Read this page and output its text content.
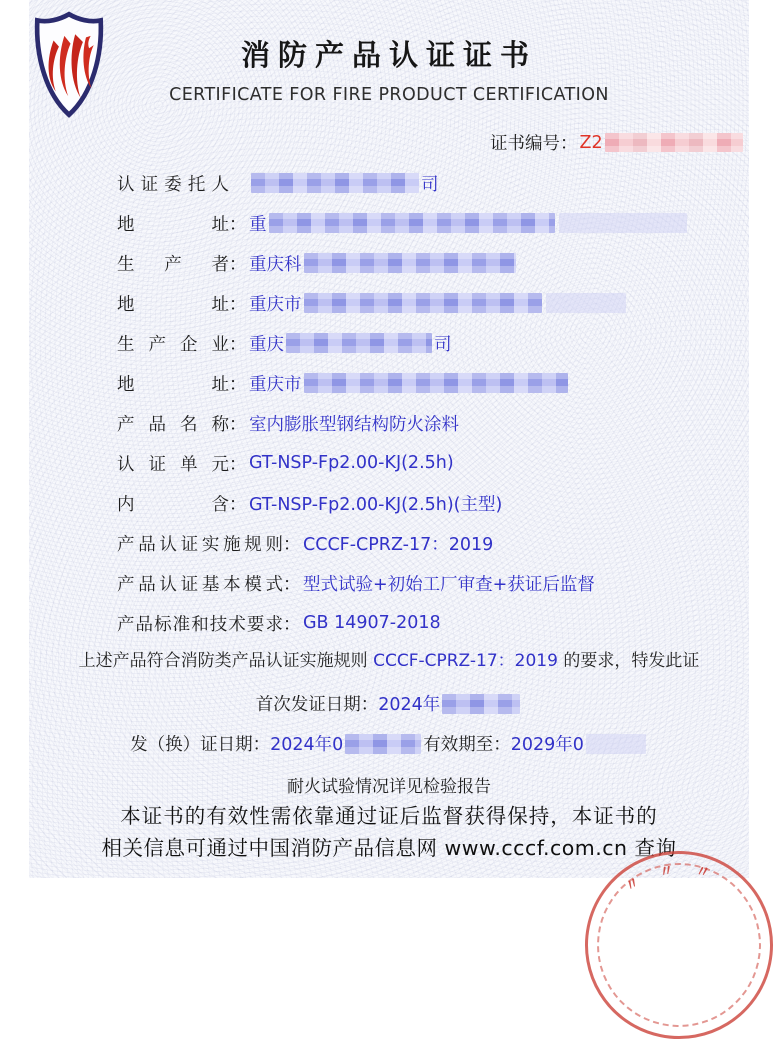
消防产品认证证书
CERTIFICATE FOR FIRE PRODUCT CERTIFICATION
证书编号： Z2
认证委托人	司
地址 ： 重
生产者 ： 重庆科
地址 ： 重庆市
生产企业 ： 重庆	司
地址 ： 重庆市
产品名称 ： 室内膨胀型钢结构防火涂料
认证单元 ： GT-NSP-Fp2.00-KJ(2.5h)
内含 ： GT-NSP-Fp2.00-KJ(2.5h)(主型)
产品认证实施规则 ： CCCF-CPRZ-17：2019
产品认证基本模式 ： 型式试验+初始工厂审查+获证后监督
产品标准和技术要求 ： GB 14907-2018
上述产品符合消防类产品认证实施规则 CCCF-CPRZ-17：2019 的要求，特发此证
首次发证日期： 2024年
发（换）证日期： 2024年0	有效期至： 2029年0
耐火试验情况详见检验报告
本证书的有效性需依靠通过证后监督获得保持，本证书的
相关信息可通过中国消防产品信息网 www.cccf.com.cn 查询
〃
〃 〃
